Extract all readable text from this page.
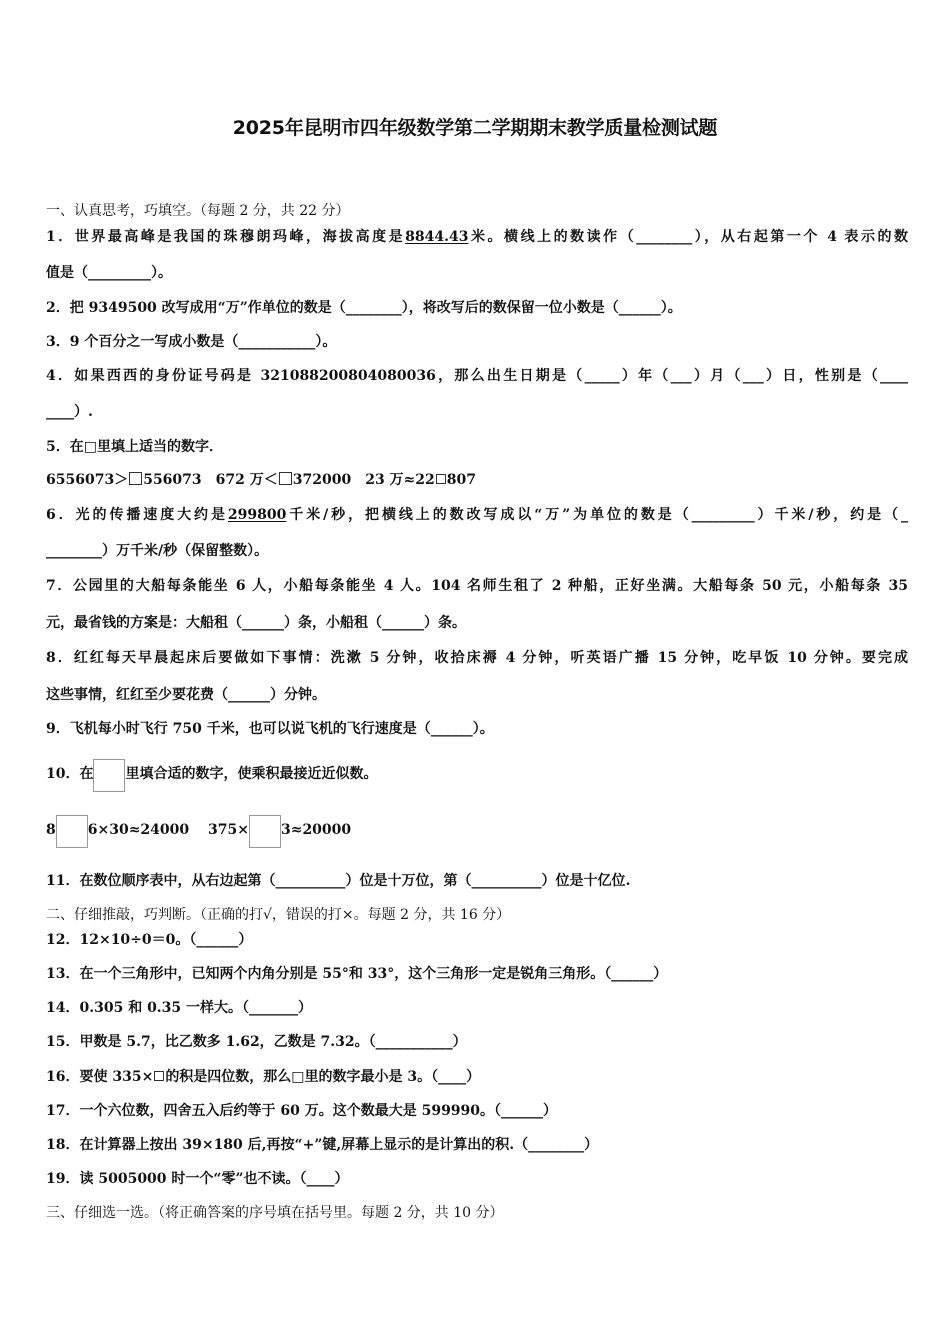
2025年昆明市四年级数学第二学期期末教学质量检测试题
一、认真思考，巧填空。（每题 2 分，共 22 分）
1．世界最高峰是我国的珠穆朗玛峰，海拔高度是8844.43米。横线上的数读作（________），从右起第一个 4 表示的数
值是（_________）。
2．把 9349500 改写成用“万”作单位的数是（________），将改写后的数保留一位小数是（______）。
3．9 个百分之一写成小数是（___________）。
4．如果西西的身份证号码是 321088200804080036，那么出生日期是（_____）年（___）月（___）日，性别是（____
____）.
5．在□里填上适当的数字．
6556073＞ 556073　672 万＜ 372000　23 万≈22 807
6．光的传播速度大约是299800千米/秒，把横线上的数改写成以“万”为单位的数是（_________）千米/秒，约是（_
________）万千米/秒（保留整数）。
7．公园里的大船每条能坐 6 人，小船每条能坐 4 人。104 名师生租了 2 种船，正好坐满。大船每条 50 元，小船每条 35
元，最省钱的方案是：大船租（______）条，小船租（______）条。
8．红红每天早晨起床后要做如下事情：洗漱 5 分钟，收拾床褥 4 分钟，听英语广播 15 分钟，吃早饭 10 分钟。要完成
这些事情，红红至少要花费（______）分钟。
9．飞机每小时飞行 750 千米，也可以说飞机的飞行速度是（______）。
10．在 里填合适的数字，使乘积最接近近似数。
8 6×30≈24000　 375× 3≈20000
11．在数位顺序表中，从右边起第（__________）位是十万位，第（__________）位是十亿位.
二、仔细推敲，巧判断。（正确的打√，错误的打×。每题 2 分，共 16 分）
12．12×10÷0＝0。（______）
13．在一个三角形中，已知两个内角分别是 55°和 33°，这个三角形一定是锐角三角形。（______）
14．0.305 和 0.35 一样大。（_______）
15．甲数是 5.7，比乙数多 1.62，乙数是 7.32。（___________）
16．要使 335× 的积是四位数，那么□里的数字最小是 3。（____）
17．一个六位数，四舍五入后约等于 60 万。这个数最大是 599990。（______）
18．在计算器上按出 39×180 后,再按“+”键,屏幕上显示的是计算出的积.（________）
19．读 5005000 时一个“零”也不读。（____）
三、仔细选一选。（将正确答案的序号填在括号里。每题 2 分，共 10 分）
